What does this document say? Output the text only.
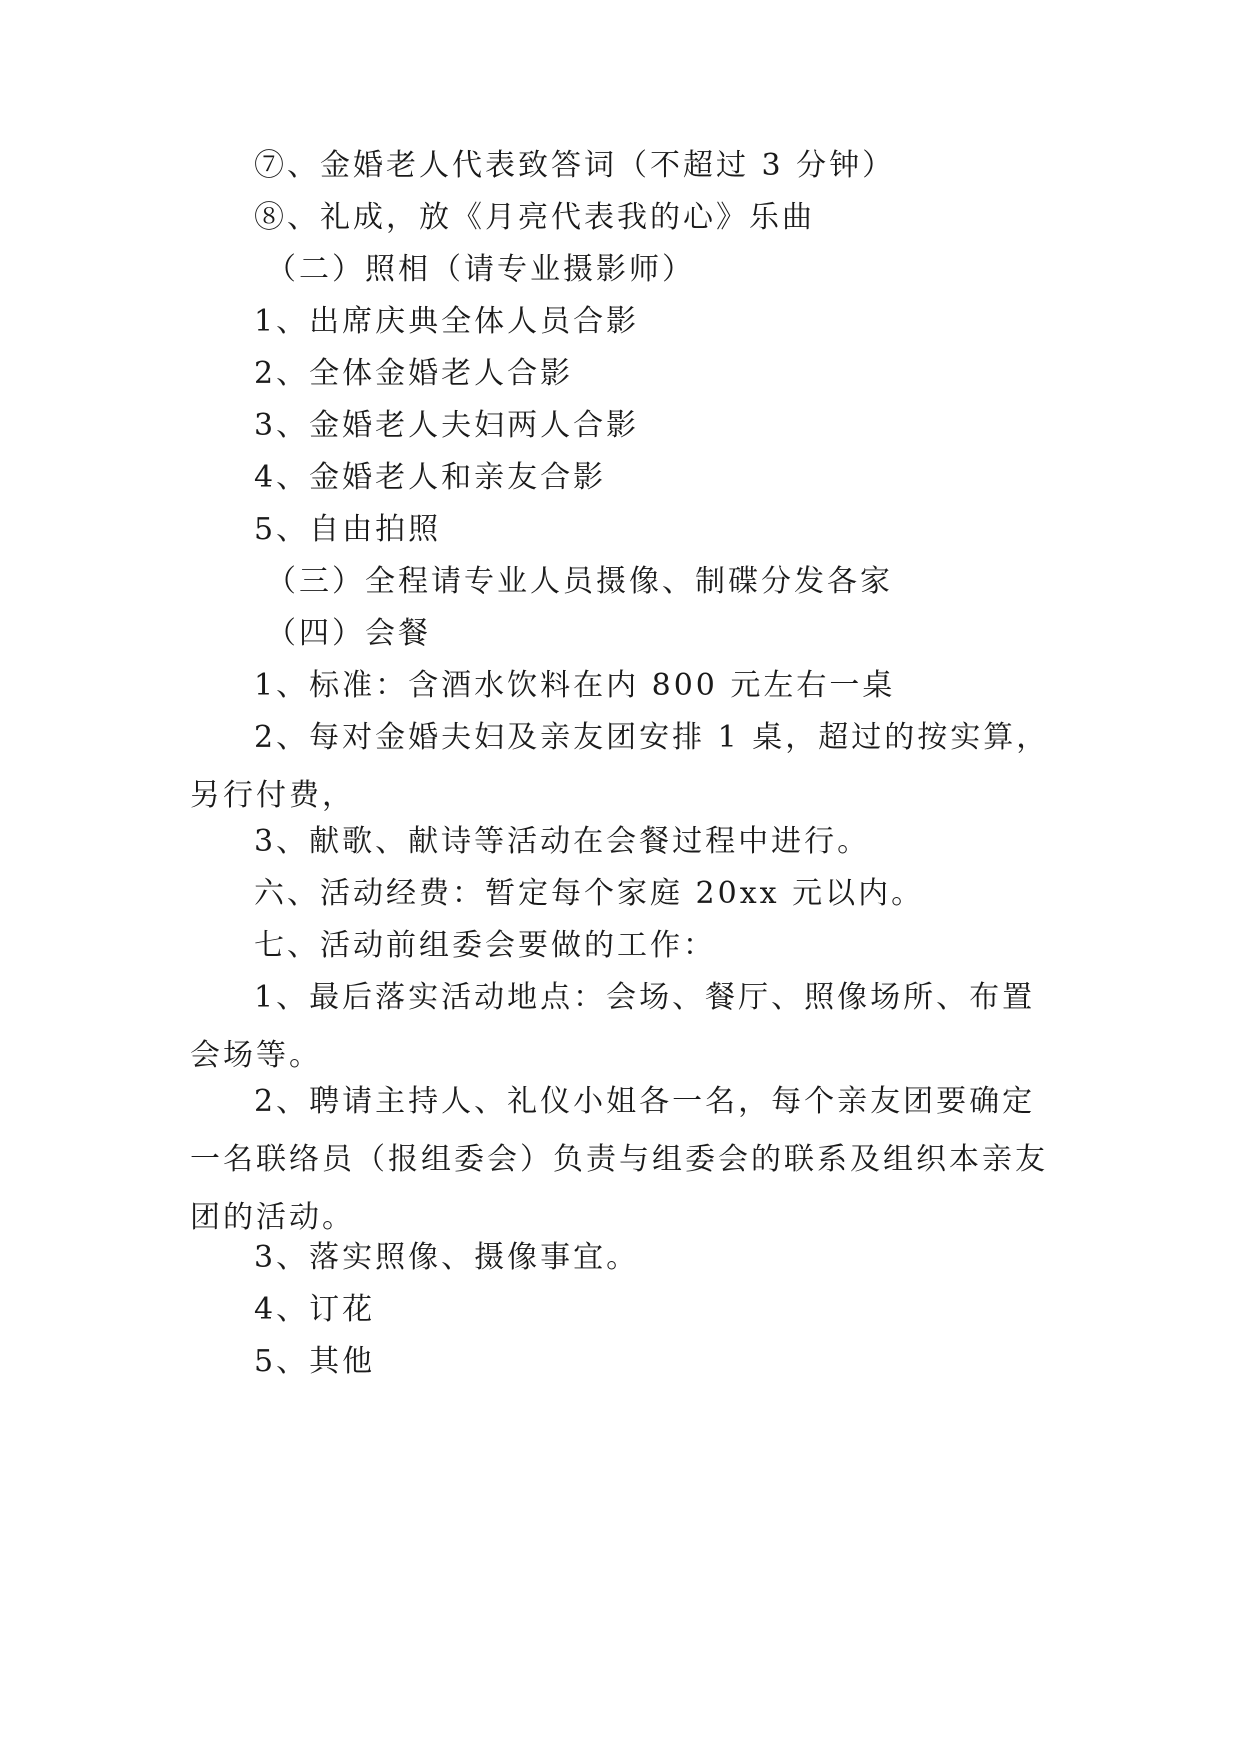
⑦、金婚老人代表致答词（不超过 3 分钟）

⑧、礼成，放《月亮代表我的心》乐曲

（二）照相（请专业摄影师）

1、出席庆典全体人员合影

2、全体金婚老人合影

3、金婚老人夫妇两人合影

4、金婚老人和亲友合影

5、自由拍照

（三）全程请专业人员摄像、制碟分发各家

（四）会餐

1、标准：含酒水饮料在内 800 元左右一桌

2、每对金婚夫妇及亲友团安排 1 桌，超过的按实算，另行付费，

3、献歌、献诗等活动在会餐过程中进行。

六、活动经费：暂定每个家庭 20xx 元以内。

七、活动前组委会要做的工作：

1、最后落实活动地点：会场、餐厅、照像场所、布置会场等。

2、聘请主持人、礼仪小姐各一名，每个亲友团要确定一名联络员（报组委会）负责与组委会的联系及组织本亲友团的活动。

3、落实照像、摄像事宜。

4、订花

5、其他
